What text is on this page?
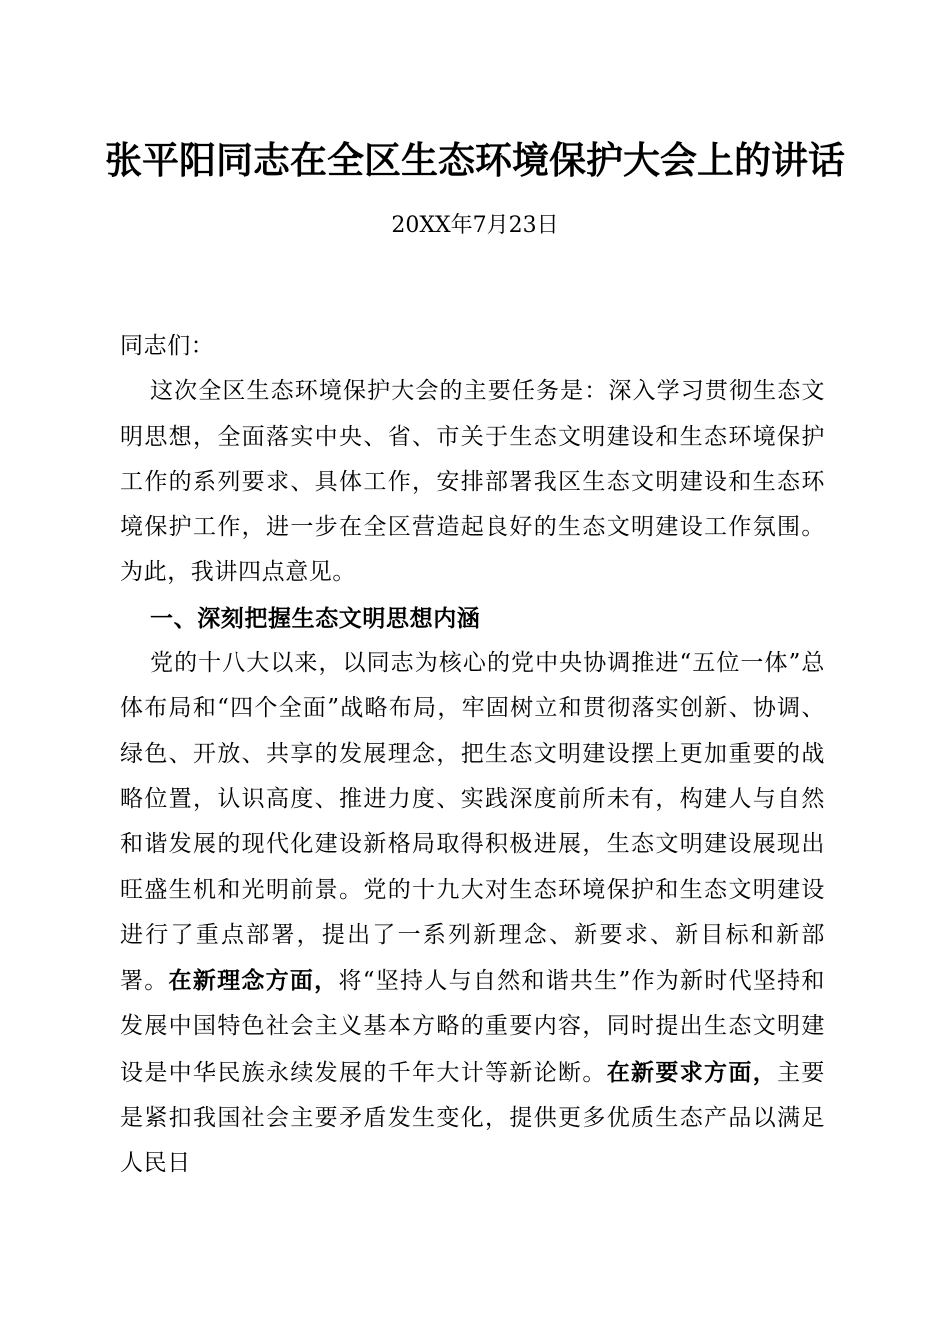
张平阳同志在全区生态环境保护大会上的讲话
20XX年7月23日

同志们：

这次全区生态环境保护大会的主要任务是：深入学习贯彻生态文明思想，全面落实中央、省、市关于生态文明建设和生态环境保护工作的系列要求、具体工作，安排部署我区生态文明建设和生态环境保护工作，进一步在全区营造起良好的生态文明建设工作氛围。为此，我讲四点意见。

一、深刻把握生态文明思想内涵

党的十八大以来，以同志为核心的党中央协调推进“五位一体”总体布局和“四个全面”战略布局，牢固树立和贯彻落实创新、协调、绿色、开放、共享的发展理念，把生态文明建设摆上更加重要的战略位置，认识高度、推进力度、实践深度前所未有，构建人与自然和谐发展的现代化建设新格局取得积极进展，生态文明建设展现出旺盛生机和光明前景。党的十九大对生态环境保护和生态文明建设进行了重点部署，提出了一系列新理念、新要求、新目标和新部署。在新理念方面，将“坚持人与自然和谐共生”作为新时代坚持和发展中国特色社会主义基本方略的重要内容，同时提出生态文明建设是中华民族永续发展的千年大计等新论断。在新要求方面，主要是紧扣我国社会主要矛盾发生变化，提供更多优质生态产品以满足人民日
